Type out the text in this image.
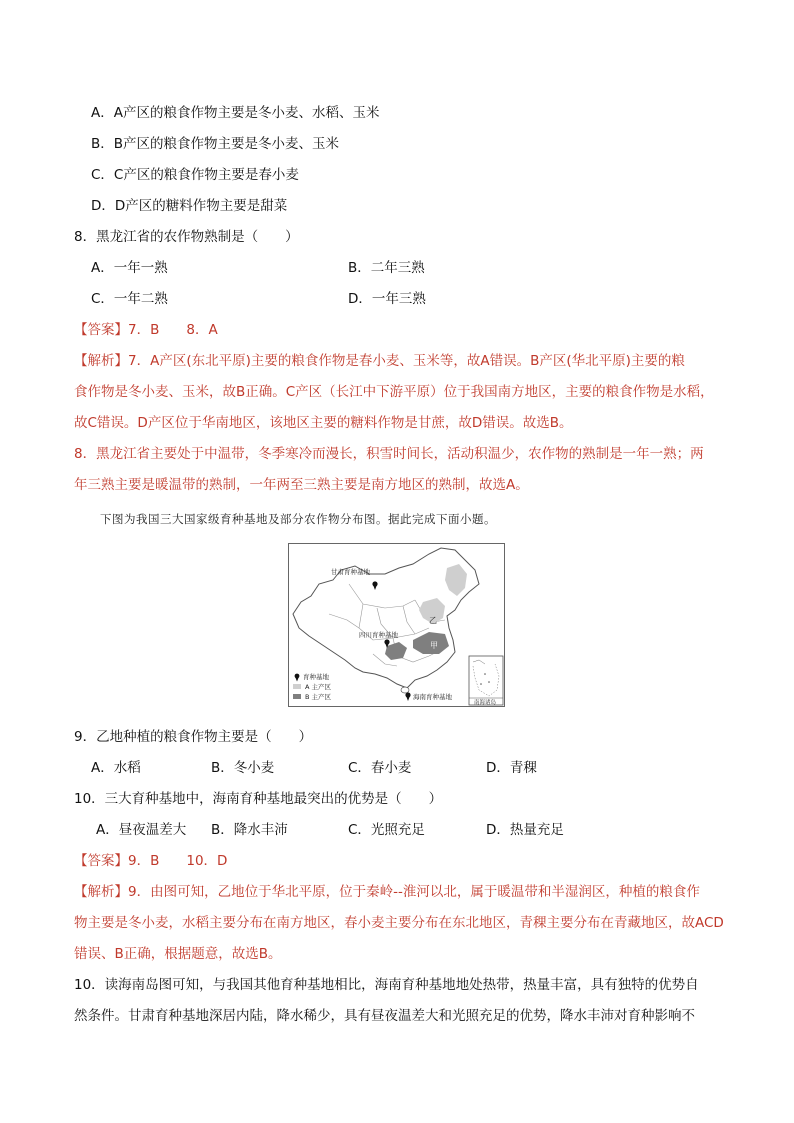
A．A产区的粮食作物主要是冬小麦、水稻、玉米
B．B产区的粮食作物主要是冬小麦、玉米
C．C产区的粮食作物主要是春小麦
D．D产区的糖料作物主要是甜菜
8．黑龙江省的农作物熟制是（　　）
A．一年一熟	B．二年三熟
C．一年二熟	D．一年三熟
【答案】7．B　　8．A
【解析】7．A产区(东北平原)主要的粮食作物是春小麦、玉米等，故A错误。B产区(华北平原)主要的粮
食作物是冬小麦、玉米，故B正确。C产区（长江中下游平原）位于我国南方地区，主要的粮食作物是水稻，
故C错误。D产区位于华南地区，该地区主要的糖料作物是甘蔗，故D错误。故选B。
8．黑龙江省主要处于中温带，冬季寒冷而漫长，积雪时间长，活动积温少，农作物的熟制是一年一熟；两
年三熟主要是暖温带的熟制，一年两至三熟主要是南方地区的熟制，故选A。
下图为我国三大国家级育种基地及部分农作物分布图。据此完成下面小题。
乙
甲
甘肃育种基地
四川育种基地
海南育种基地
育种基地
A 主产区
B 主产区
南海诸岛
9．乙地种植的粮食作物主要是（　　）
A．水稻	B．冬小麦	C．春小麦	D．青稞
10．三大育种基地中，海南育种基地最突出的优势是（　　）
A．昼夜温差大 B．降水丰沛	C．光照充足	D．热量充足
【答案】9．B　　10．D
【解析】9．由图可知，乙地位于华北平原，位于秦岭--淮河以北，属于暖温带和半湿润区，种植的粮食作
物主要是冬小麦，水稻主要分布在南方地区，春小麦主要分布在东北地区，青稞主要分布在青藏地区，故ACD
错误、B正确，根据题意，故选B。
10．读海南岛图可知，与我国其他育种基地相比，海南育种基地地处热带，热量丰富，具有独特的优势自
然条件。甘肃育种基地深居内陆，降水稀少，具有昼夜温差大和光照充足的优势，降水丰沛对育种影响不
